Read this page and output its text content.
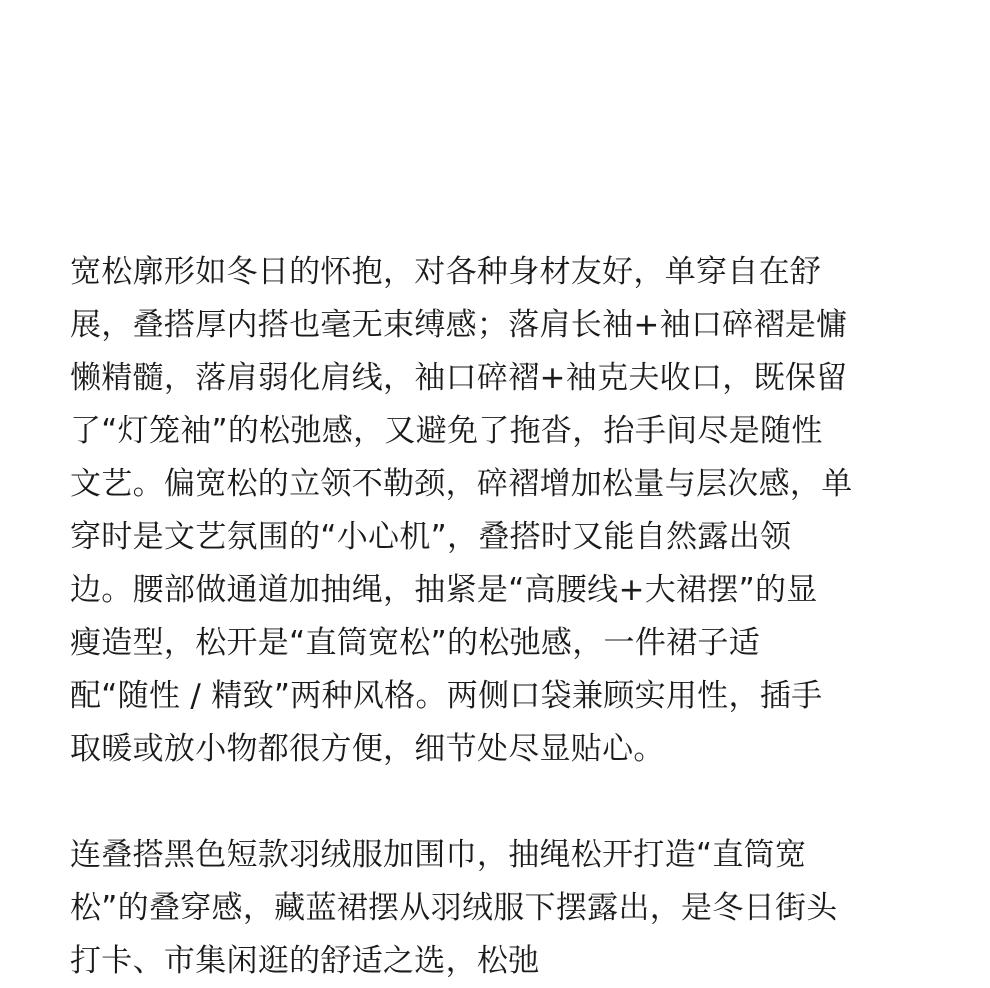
宽松廓形如冬日的怀抱，对各种身材友好，单穿自在舒
展，叠搭厚内搭也毫无束缚感；落肩长袖+袖口碎褶是慵
懒精髓，落肩弱化肩线，袖口碎褶+袖克夫收口，既保留
了“灯笼袖”的松弛感，又避免了拖沓，抬手间尽是随性
文艺。偏宽松的立领不勒颈，碎褶增加松量与层次感，单
穿时是文艺氛围的“小心机”，叠搭时又能自然露出领
边。腰部做通道加抽绳，抽紧是“高腰线+大裙摆”的显
瘦造型，松开是“直筒宽松”的松弛感，一件裙子适
配“随性 / 精致”两种风格。两侧口袋兼顾实用性，插手
取暖或放小物都很方便，细节处尽显贴心。

连叠搭黑色短款羽绒服加围巾，抽绳松开打造“直筒宽
松”的叠穿感，藏蓝裙摆从羽绒服下摆露出，是冬日街头
打卡、市集闲逛的舒适之选，松弛
